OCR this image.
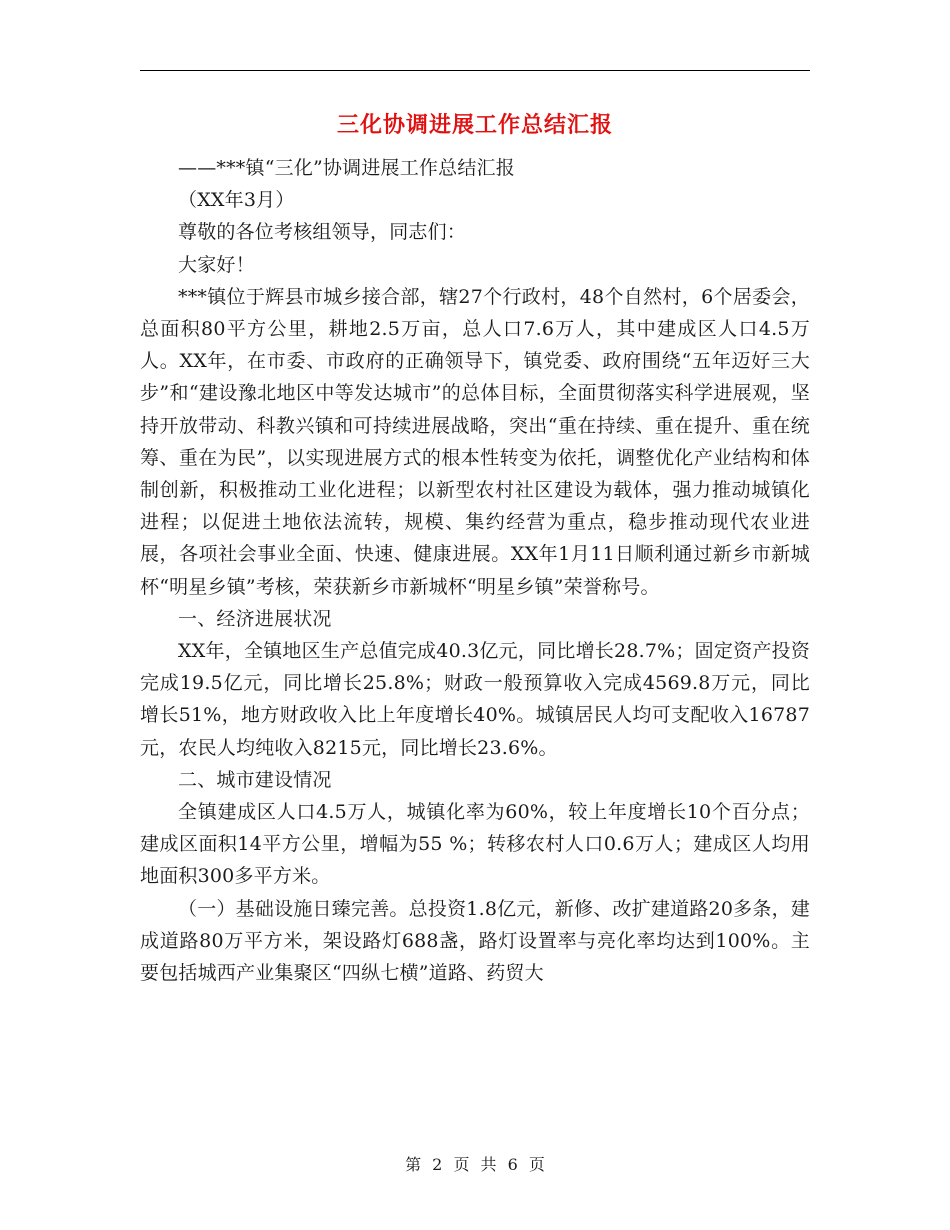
三化协调进展工作总结汇报

——***镇“三化”协调进展工作总结汇报

（XX年3月）

尊敬的各位考核组领导，同志们：

大家好！

***镇位于辉县市城乡接合部，辖27个行政村，48个自然村，6个居委会，总面积80平方公里，耕地2.5万亩，总人口7.6万人，其中建成区人口4.5万人。XX年，在市委、市政府的正确领导下，镇党委、政府围绕“五年迈好三大步”和“建设豫北地区中等发达城市”的总体目标，全面贯彻落实科学进展观，坚持开放带动、科教兴镇和可持续进展战略，突出“重在持续、重在提升、重在统筹、重在为民”，以实现进展方式的根本性转变为依托，调整优化产业结构和体制创新，积极推动工业化进程；以新型农村社区建设为载体，强力推动城镇化进程；以促进土地依法流转，规模、集约经营为重点，稳步推动现代农业进展，各项社会事业全面、快速、健康进展。XX年1月11日顺利通过新乡市新城杯“明星乡镇”考核，荣获新乡市新城杯“明星乡镇”荣誉称号。

一、经济进展状况

XX年，全镇地区生产总值完成40.3亿元，同比增长28.7%；固定资产投资完成19.5亿元，同比增长25.8%；财政一般预算收入完成4569.8万元，同比增长51%，地方财政收入比上年度增长40%。城镇居民人均可支配收入16787元，农民人均纯收入8215元，同比增长23.6%。

二、城市建设情况

全镇建成区人口4.5万人，城镇化率为60%，较上年度增长10个百分点；建成区面积14平方公里，增幅为55 %；转移农村人口0.6万人；建成区人均用地面积300多平方米。

（一）基础设施日臻完善。总投资1.8亿元，新修、改扩建道路20多条，建成道路80万平方米，架设路灯688盏，路灯设置率与亮化率均达到100%。主要包括城西产业集聚区“四纵七横”道路、药贸大

第 2 页 共 6 页
